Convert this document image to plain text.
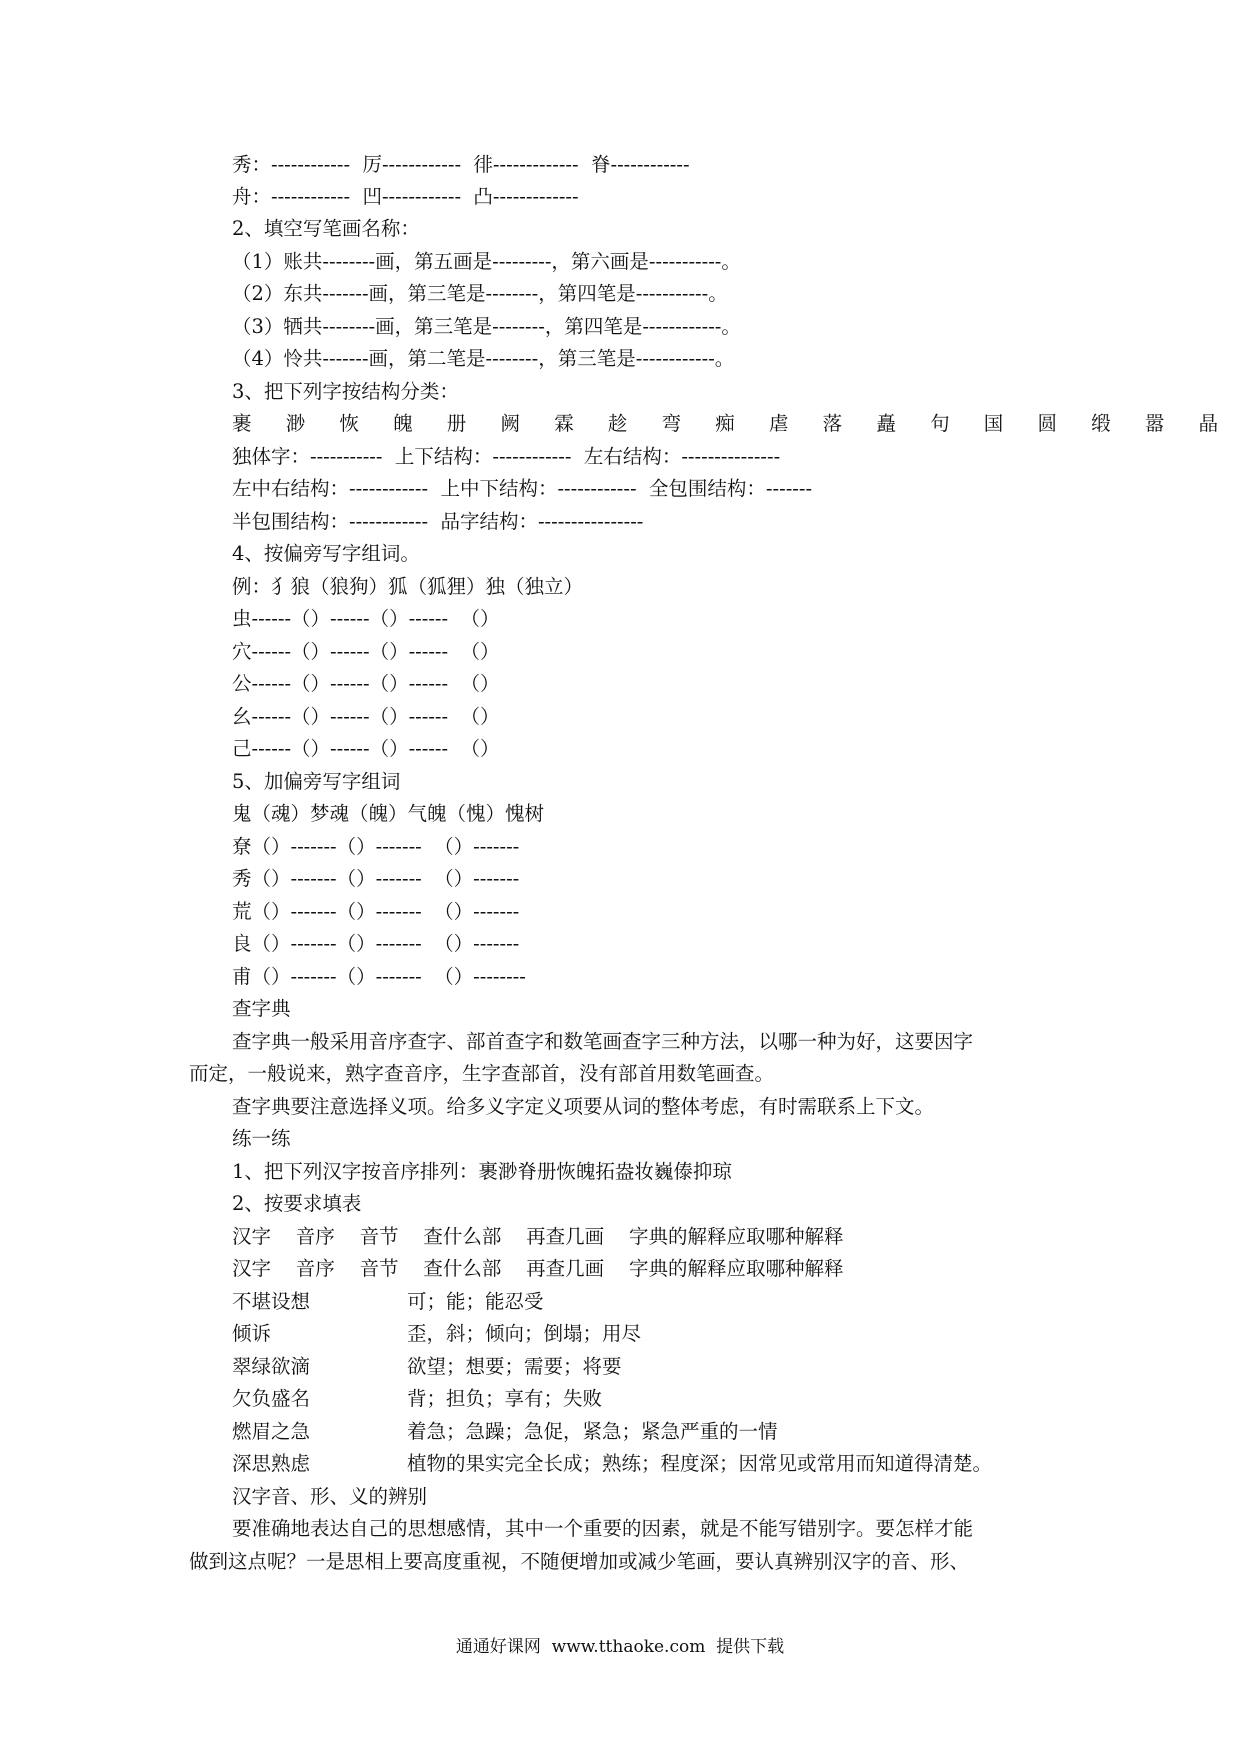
秀：------------  厉------------  徘-------------  脊------------

舟：------------  凹------------  凸-------------

2、填空写笔画名称：

（1）账共--------画，第五画是---------，第六画是-----------。

（2）东共-------画，第三笔是--------，第四笔是-----------。

（3）牺共--------画，第三笔是--------，第四笔是------------。

（4）怜共-------画，第二笔是--------，第三笔是------------。

3、把下列字按结构分类：

裹 渺 恢 魄 册 阙 霖 趁 弯 痴 虐 落 矗 句 国 圆 缎 嚣 晶

独体字：-----------  上下结构：------------  左右结构：---------------

左中右结构：------------  上中下结构：------------  全包围结构：-------

半包围结构：------------  品字结构：----------------

4、按偏旁写字组词。

例：犭狼（狼狗）狐（狐狸）独（独立）

虫------（）------（）------  （）

穴------（）------（）------  （）

公------（）------（）------  （）

幺------（）------（）------  （）

己------（）------（）------  （）

5、加偏旁写字组词

鬼（魂）梦魂（魄）气魄（愧）愧树

尞（）-------（）-------  （）-------

秀（）-------（）-------  （）-------

荒（）-------（）-------  （）-------

良（）-------（）-------  （）-------

甫（）-------（）-------  （）--------

查字典

查字典一般采用音序查字、部首查字和数笔画查字三种方法，以哪一种为好，这要因字

而定，一般说来，熟字查音序，生字查部首，没有部首用数笔画查。

查字典要注意选择义项。给多义字定义项要从词的整体考虑，有时需联系上下文。

练一练

1、把下列汉字按音序排列：裹渺脊册恢魄拓盎妆巍傣抑琼

2、按要求填表

汉字    音序    音节    查什么部    再查几画    字典的解释应取哪种解释

汉字    音序    音节    查什么部    再查几画    字典的解释应取哪种解释

不堪设想	可；能；能忍受
倾诉	歪，斜；倾向；倒塌；用尽
翠绿欲滴	欲望；想要；需要；将要
欠负盛名	背；担负；享有；失败
燃眉之急	着急；急躁；急促，紧急；紧急严重的一情
深思熟虑	植物的果实完全长成；熟练；程度深；因常见或常用而知道得清楚。

汉字音、形、义的辨别

要准确地表达自己的思想感情，其中一个重要的因素，就是不能写错别字。要怎样才能

做到这点呢？一是思相上要高度重视，不随便增加或减少笔画，要认真辨别汉字的音、形、

通通好课网  www.tthaoke.com  提供下载
